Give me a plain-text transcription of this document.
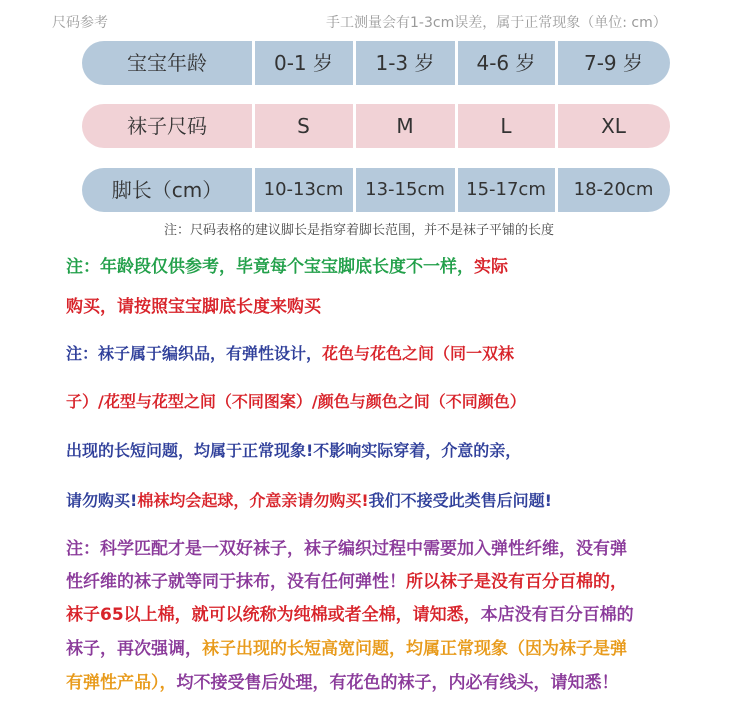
尺码参考	手工测量会有1-3cm误差，属于正常现象（单位: cm）
宝宝年龄	0-1 岁	1-3 岁	4-6 岁	7-9 岁
袜子尺码	S	M	L	XL
脚长（cm）	10-13cm	13-15cm	15-17cm	18-20cm
注：尺码表格的建议脚长是指穿着脚长范围，并不是袜子平铺的长度
注：年龄段仅供参考，毕竟每个宝宝脚底长度不一样，实际
购买，请按照宝宝脚底长度来购买
注：袜子属于编织品，有弹性设计，花色与花色之间（同一双袜
子）/花型与花型之间（不同图案）/颜色与颜色之间（不同颜色）
出现的长短问题，均属于正常现象!不影响实际穿着，介意的亲，
请勿购买!棉袜均会起球，介意亲请勿购买!我们不接受此类售后问题!
注：科学匹配才是一双好袜子，袜子编织过程中需要加入弹性纤维，没有弹
性纤维的袜子就等同于抹布，没有任何弹性！所以袜子是没有百分百棉的，
袜子65以上棉，就可以统称为纯棉或者全棉，请知悉，本店没有百分百棉的
袜子，再次强调，袜子出现的长短高宽问题，均属正常现象（因为袜子是弹
有弹性产品），均不接受售后处理，有花色的袜子，内必有线头，请知悉！
